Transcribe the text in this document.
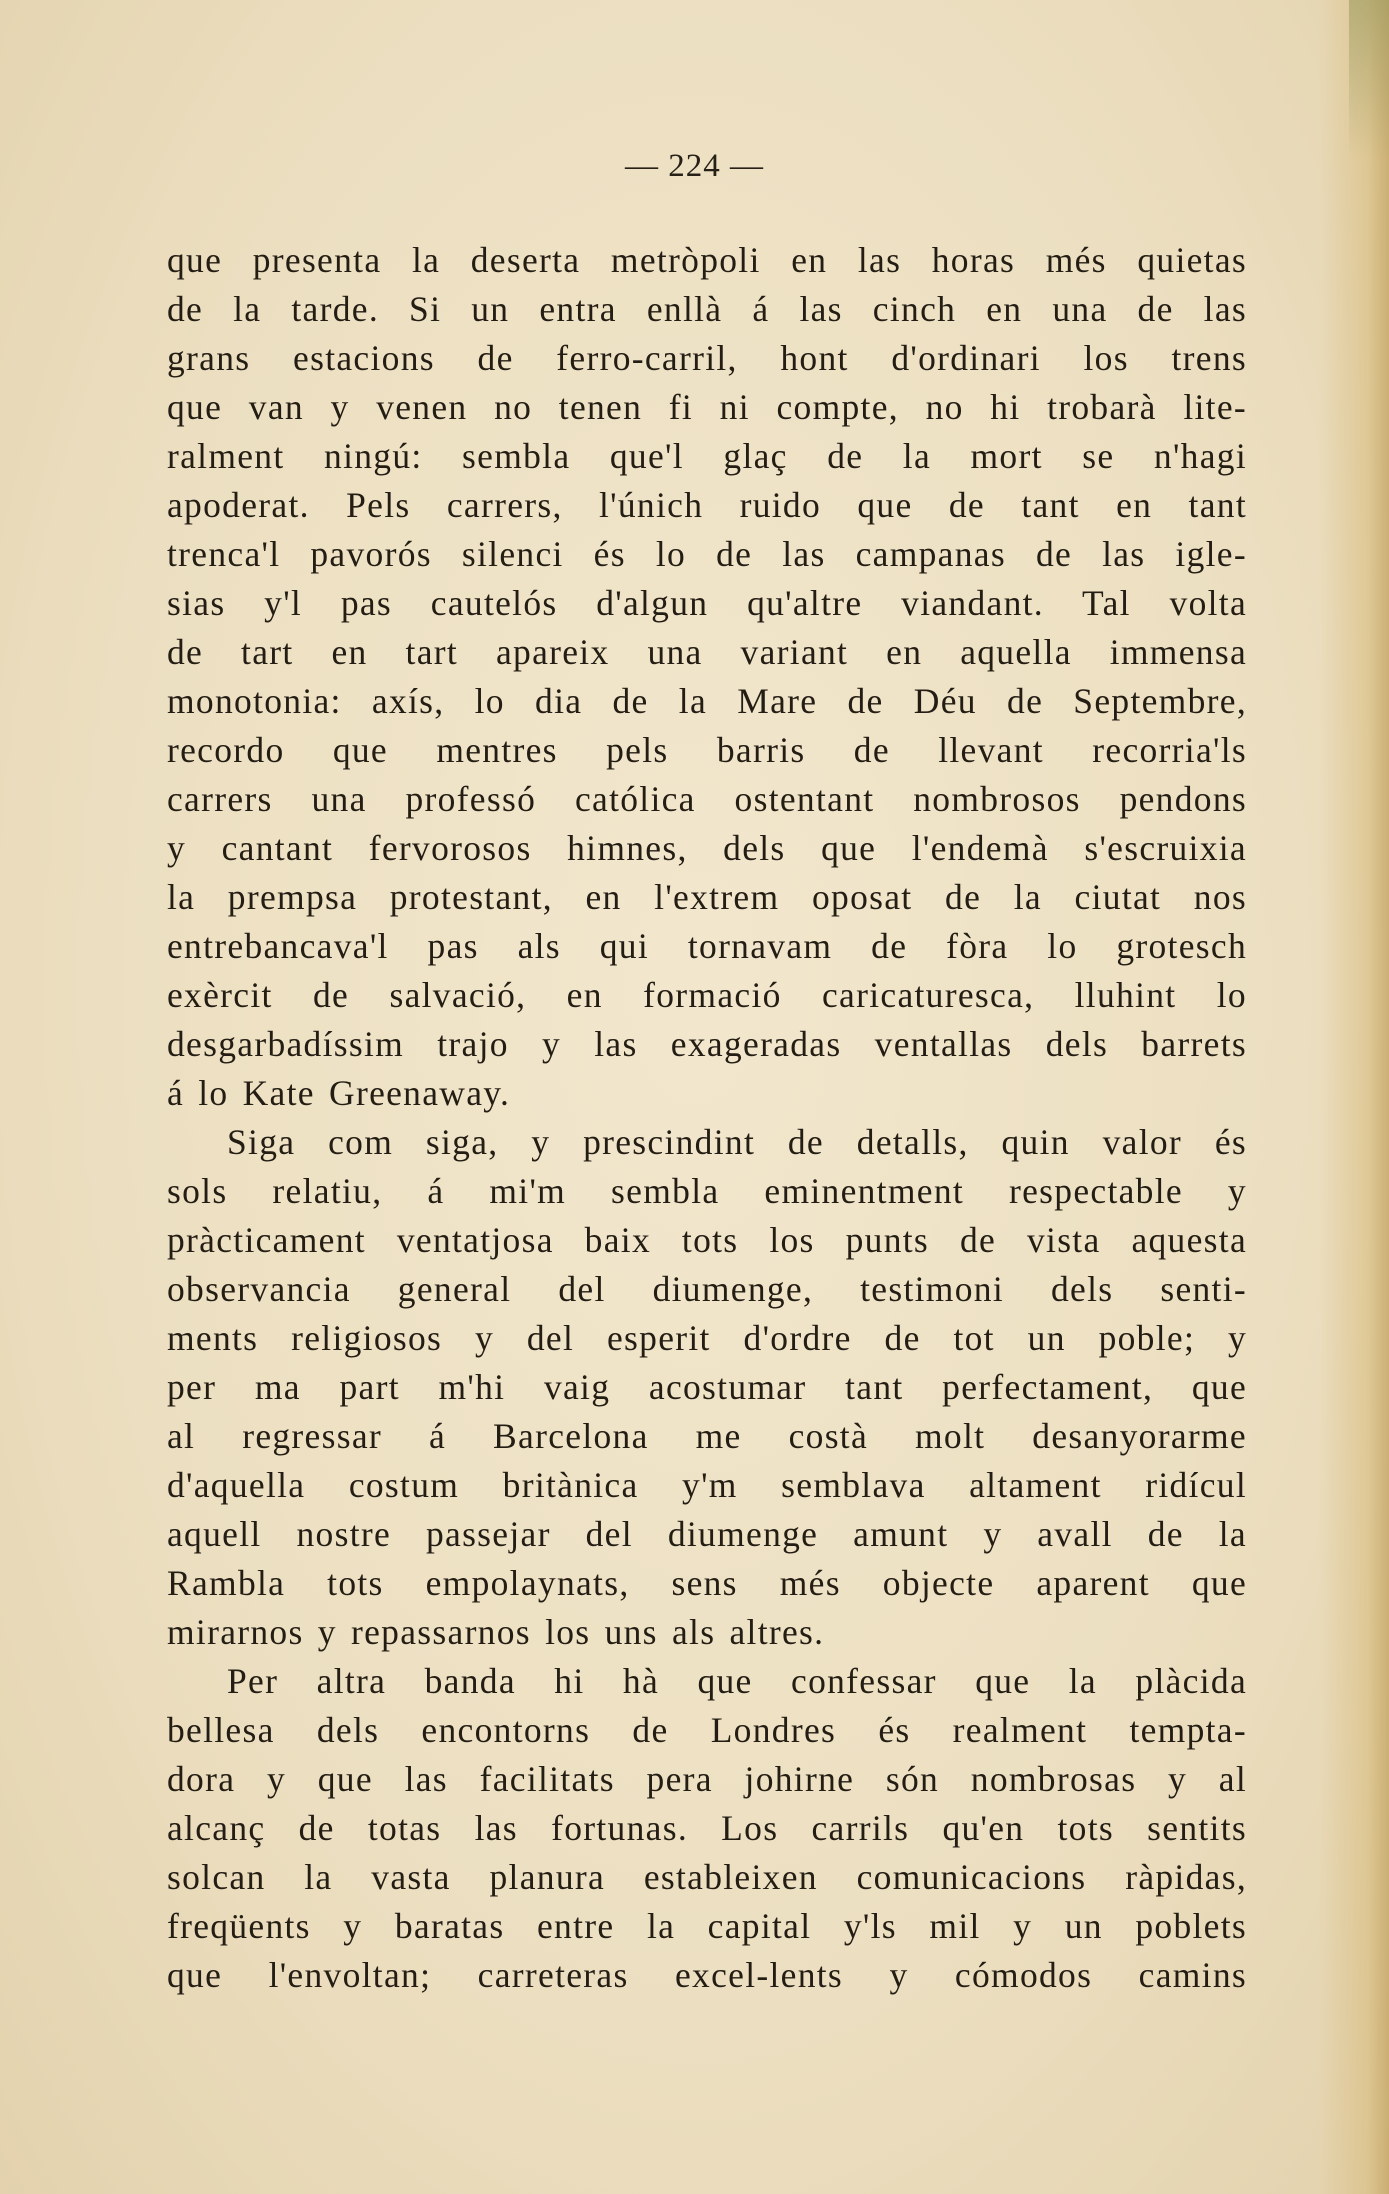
— 224 —
que presenta la deserta metròpoli en las horas més quietas
de la tarde. Si un entra enllà á las cinch en una de las
grans estacions de ferro-carril, hont d'ordinari los trens
que van y venen no tenen fi ni compte, no hi trobarà lite-
ralment ningú: sembla que'l glaç de la mort se n'hagi
apoderat. Pels carrers, l'únich ruido que de tant en tant
trenca'l pavorós silenci és lo de las campanas de las igle-
sias y'l pas cautelós d'algun qu'altre viandant. Tal volta
de tart en tart apareix una variant en aquella immensa
monotonia: axís, lo dia de la Mare de Déu de Septembre,
recordo que mentres pels barris de llevant recorria'ls
carrers una professó católica ostentant nombrosos pendons
y cantant fervorosos himnes, dels que l'endemà s'escruixia
la prempsa protestant, en l'extrem oposat de la ciutat nos
entrebancava'l pas als qui tornavam de fòra lo grotesch
exèrcit de salvació, en formació caricaturesca, lluhint lo
desgarbadíssim trajo y las exageradas ventallas dels barrets
á lo Kate Greenaway.
Siga com siga, y prescindint de detalls, quin valor és
sols relatiu, á mi'm sembla eminentment respectable y
pràcticament ventatjosa baix tots los punts de vista aquesta
observancia general del diumenge, testimoni dels senti-
ments religiosos y del esperit d'ordre de tot un poble; y
per ma part m'hi vaig acostumar tant perfectament, que
al regressar á Barcelona me costà molt desanyorarme
d'aquella costum britànica y'm semblava altament ridícul
aquell nostre passejar del diumenge amunt y avall de la
Rambla tots empolaynats, sens més objecte aparent que
mirarnos y repassarnos los uns als altres.
Per altra banda hi hà que confessar que la plàcida
bellesa dels encontorns de Londres és realment tempta-
dora y que las facilitats pera johirne són nombrosas y al
alcanç de totas las fortunas. Los carrils qu'en tots sentits
solcan la vasta planura estableixen comunicacions ràpidas,
freqüents y baratas entre la capital y'ls mil y un poblets
que l'envoltan; carreteras excel-lents y cómodos camins
